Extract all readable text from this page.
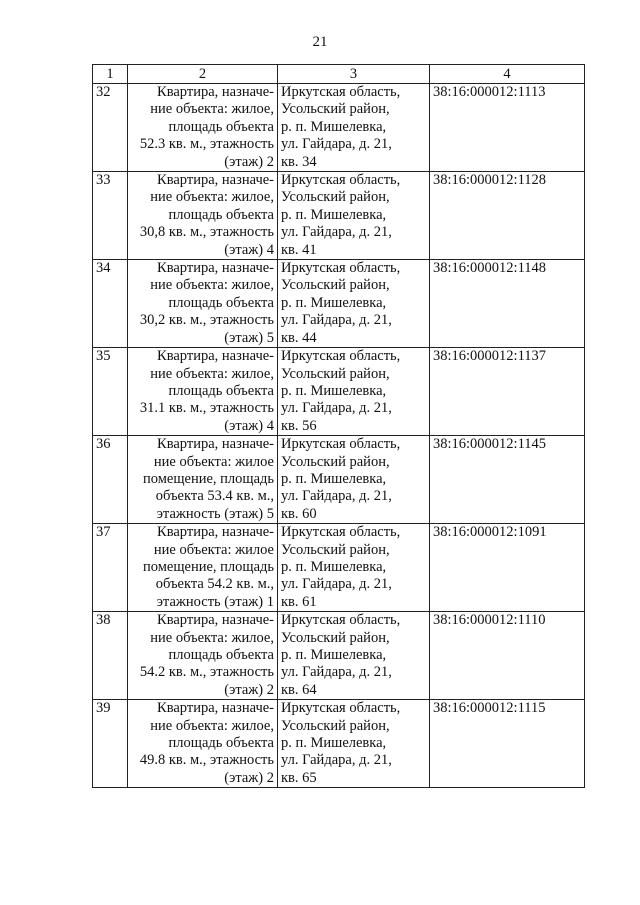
21
1	2	3	4
32	Квартира, назначе-
ние объекта: жилое,
площадь объекта
52.3 кв. м., этажность
(этаж) 2	Иркутская область,
Усольский район,
р. п. Мишелевка,
ул. Гайдара, д. 21,
кв. 34	38:16:000012:1113
33	Квартира, назначе-
ние объекта: жилое,
площадь объекта
30,8 кв. м., этажность
(этаж) 4	Иркутская область,
Усольский район,
р. п. Мишелевка,
ул. Гайдара, д. 21,
кв. 41	38:16:000012:1128
34	Квартира, назначе-
ние объекта: жилое,
площадь объекта
30,2 кв. м., этажность
(этаж) 5	Иркутская область,
Усольский район,
р. п. Мишелевка,
ул. Гайдара, д. 21,
кв. 44	38:16:000012:1148
35	Квартира, назначе-
ние объекта: жилое,
площадь объекта
31.1 кв. м., этажность
(этаж) 4	Иркутская область,
Усольский район,
р. п. Мишелевка,
ул. Гайдара, д. 21,
кв. 56	38:16:000012:1137
36	Квартира, назначе-
ние объекта: жилое
помещение, площадь
объекта 53.4 кв. м.,
этажность (этаж) 5	Иркутская область,
Усольский район,
р. п. Мишелевка,
ул. Гайдара, д. 21,
кв. 60	38:16:000012:1145
37	Квартира, назначе-
ние объекта: жилое
помещение, площадь
объекта 54.2 кв. м.,
этажность (этаж) 1	Иркутская область,
Усольский район,
р. п. Мишелевка,
ул. Гайдара, д. 21,
кв. 61	38:16:000012:1091
38	Квартира, назначе-
ние объекта: жилое,
площадь объекта
54.2 кв. м., этажность
(этаж) 2	Иркутская область,
Усольский район,
р. п. Мишелевка,
ул. Гайдара, д. 21,
кв. 64	38:16:000012:1110
39	Квартира, назначе-
ние объекта: жилое,
площадь объекта
49.8 кв. м., этажность
(этаж) 2	Иркутская область,
Усольский район,
р. п. Мишелевка,
ул. Гайдара, д. 21,
кв. 65	38:16:000012:1115
